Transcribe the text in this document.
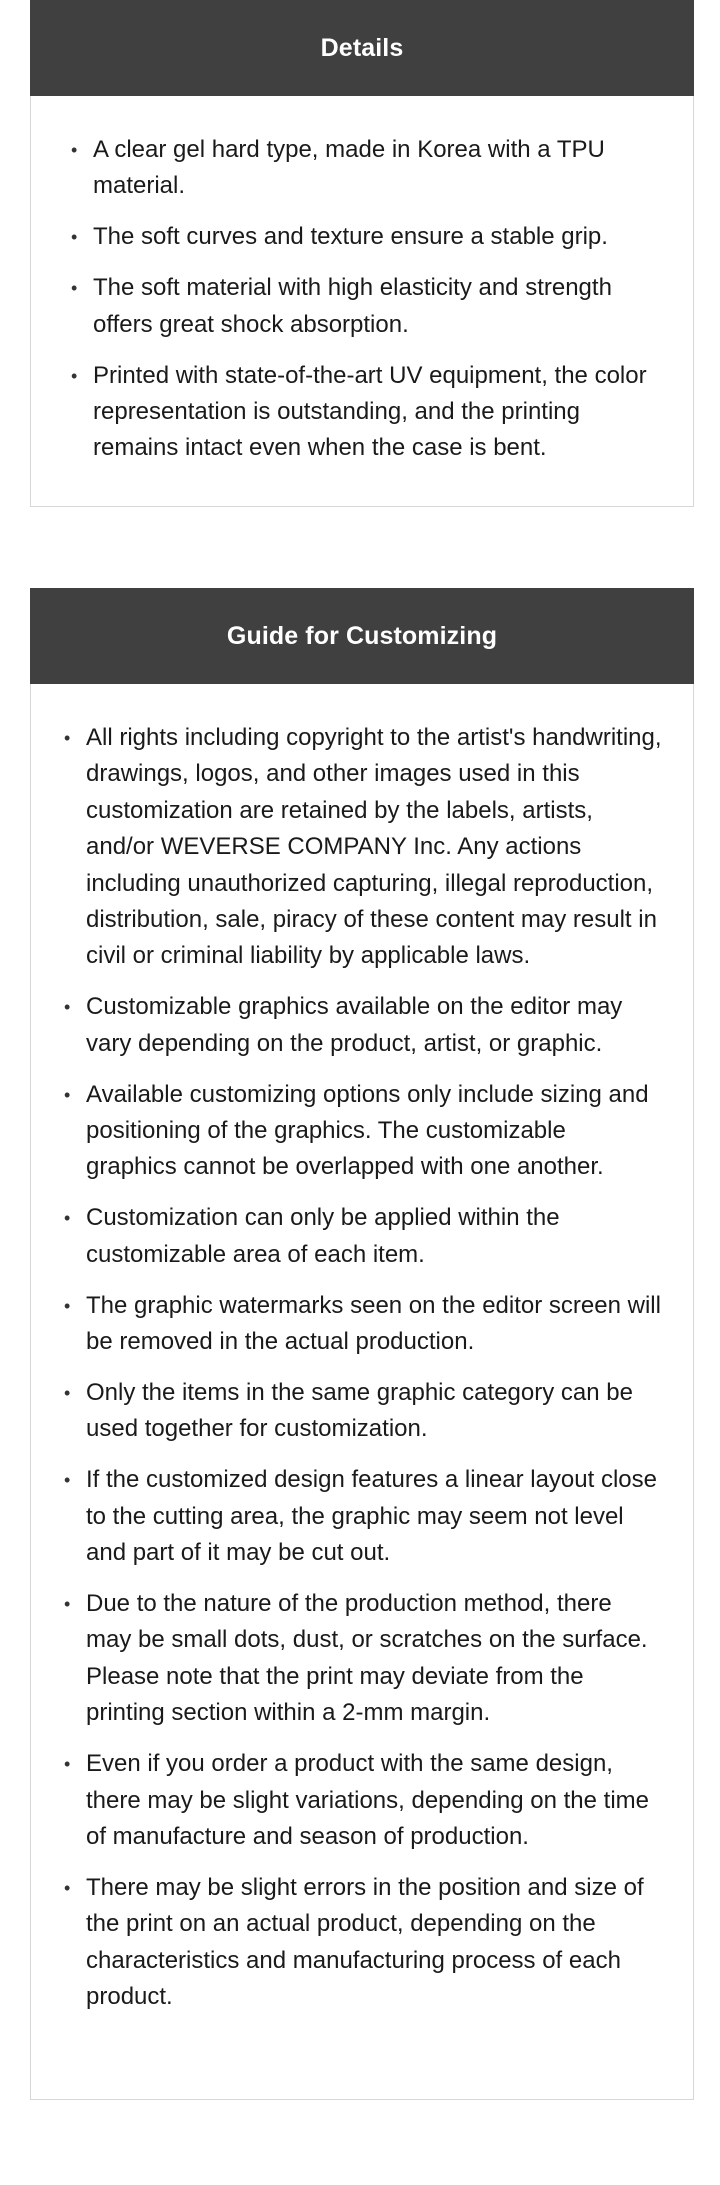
Details
• A clear gel hard type, made in Korea with a TPU material.
• The soft curves and texture ensure a stable grip.
• The soft material with high elasticity and strength offers great shock absorption.
• Printed with state-of-the-art UV equipment, the color representation is outstanding, and the printing remains intact even when the case is bent.
Guide for Customizing
• All rights including copyright to the artist's handwriting, drawings, logos, and other images used in this customization are retained by the labels, artists, and/or WEVERSE COMPANY Inc. Any actions including unauthorized capturing, illegal reproduction, distribution, sale, piracy of these content may result in civil or criminal liability by applicable laws.
• Customizable graphics available on the editor may vary depending on the product, artist, or graphic.
• Available customizing options only include sizing and positioning of the graphics. The customizable graphics cannot be overlapped with one another.
• Customization can only be applied within the customizable area of each item.
• The graphic watermarks seen on the editor screen will be removed in the actual production.
• Only the items in the same graphic category can be used together for customization.
• If the customized design features a linear layout close to the cutting area, the graphic may seem not level and part of it may be cut out.
• Due to the nature of the production method, there may be small dots, dust, or scratches on the surface. Please note that the print may deviate from the printing section within a 2-mm margin.
• Even if you order a product with the same design, there may be slight variations, depending on the time of manufacture and season of production.
• There may be slight errors in the position and size of the print on an actual product, depending on the characteristics and manufacturing process of each product.
